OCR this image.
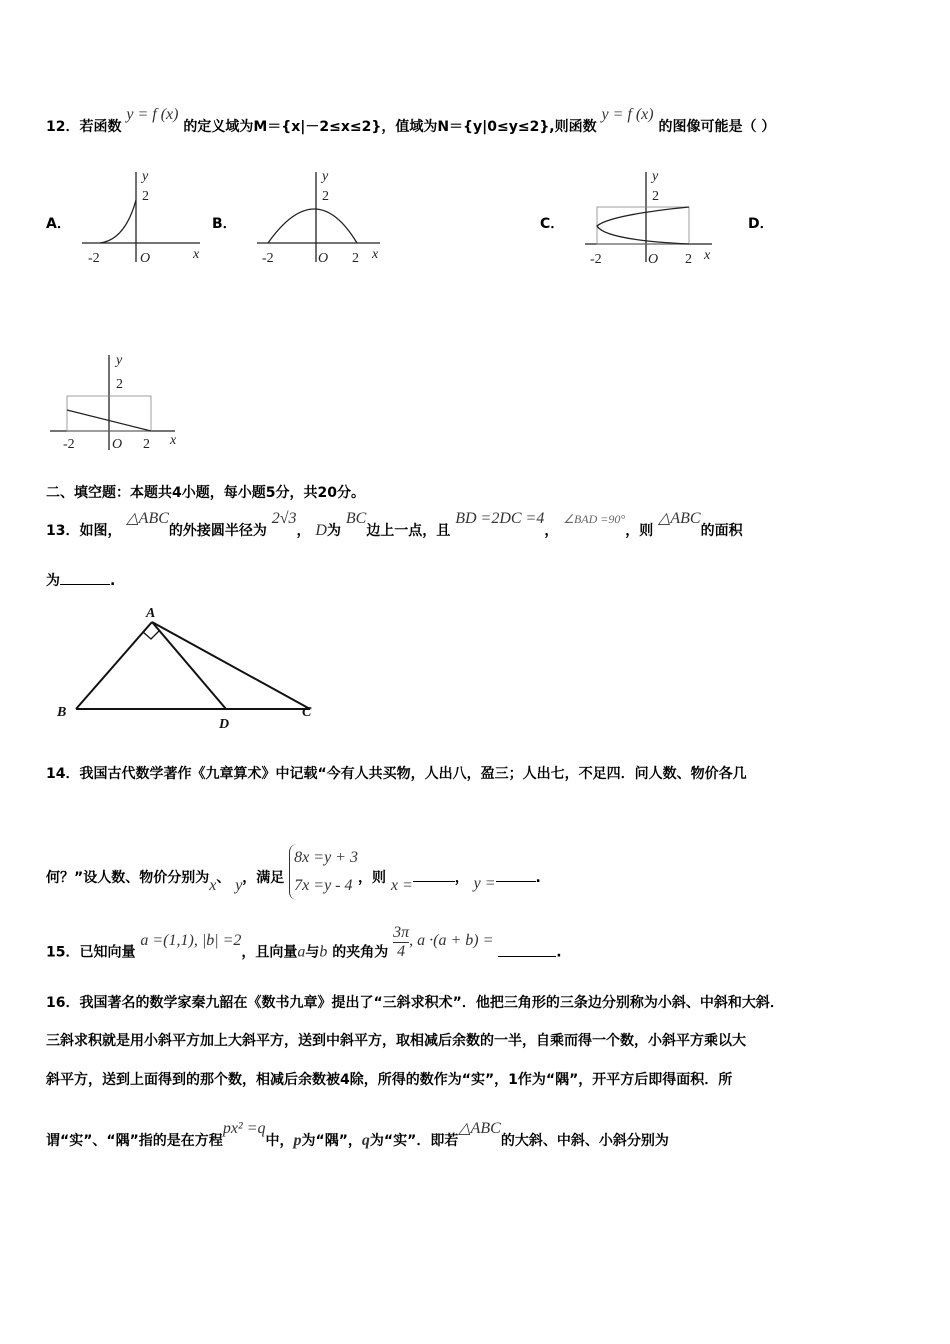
12．若函数 y = f (x) 的定义域为M＝{x|－2≤x≤2}，值域为N＝{y|0≤y≤2},则函数 y = f (x) 的图像可能是（ ）
A．	B．	C．	D．
y
2
-2	O	x
y
2
-2	O 2 x
y
2
-2	O 2 x
y
2
-2	O 2 x
A
B	C
D
二、填空题：本题共4小题，每小题5分，共20分。
13．如图， △ABC的外接圆半径为 2√3， D为 BC边上一点，且 BD =2DC =4， ∠BAD =90°，则 △ABC的面积
为	.
14．我国古代数学著作《九章算术》中记载“今有人共买物，人出八，盈三；人出七，不足四．问人数、物价各几
何？”设人数、物价分别为x、 y，满足
8x =y + 3
7x =y - 4 ，则 x =	， y =	.
15．已知向量 a =(1,1), |b| =2，且向量a与b 的夹角为 $\frac{3\pi}{4}$ , a ·(a + b) = .
16．我国著名的数学家秦九韶在《数书九章》提出了“三斜求积术”．他把三角形的三条边分别称为小斜、中斜和大斜．
三斜求积就是用小斜平方加上大斜平方，送到中斜平方，取相减后余数的一半，自乘而得一个数，小斜平方乘以大
斜平方，送到上面得到的那个数，相减后余数被4除，所得的数作为“实”，1作为“隅”，开平方后即得面积．所
谓“实”、“隅”指的是在方程px² =q中，p为“隅”，q为“实”．即若△ABC的大斜、中斜、小斜分别为
